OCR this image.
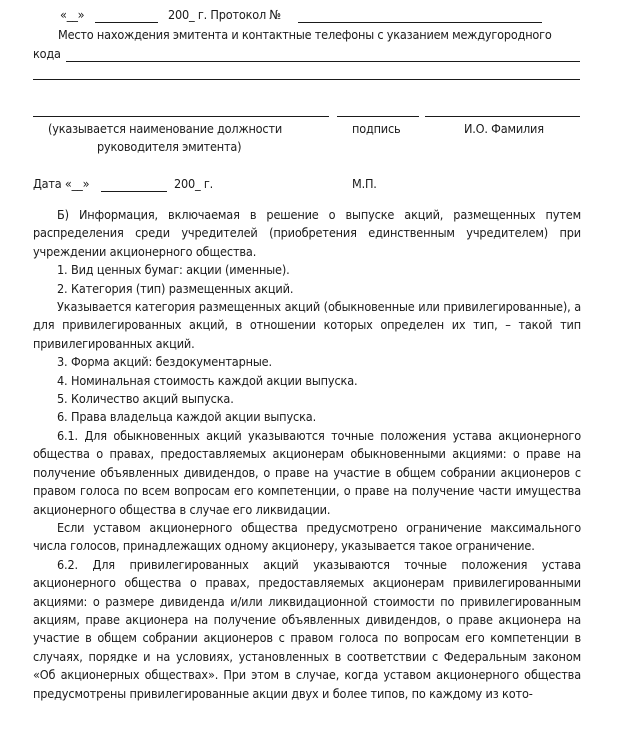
«__»	200_ г. Протокол №
Место нахождения эмитента и контактные телефоны с указанием междугородного
кода
(указывается наименование должности
руководителя эмитента)
подпись	И.О. Фамилия
Дата «__»	200_ г.	М.П.

Б) Информация, включаемая в решение о выпуске акций, размещенных путем распределения среди учредителей (приобретения единственным учредителем) при учреждении акционерного общества.

1. Вид ценных бумаг: акции (именные).

2. Категория (тип) размещенных акций.

Указывается категория размещенных акций (обыкновенные или привилегированные), а для привилегированных акций, в отношении которых определен их тип, – такой тип привилегированных акций.

3. Форма акций: бездокументарные.

4. Номинальная стоимость каждой акции выпуска.

5. Количество акций выпуска.

6. Права владельца каждой акции выпуска.

6.1. Для обыкновенных акций указываются точные положения устава акционерного общества о правах, предоставляемых акционерам обыкновенными акциями: о праве на получение объявленных дивидендов, о праве на участие в общем собрании акционеров с правом голоса по всем вопросам его компетенции, о праве на получение части имущества акционерного общества в случае его ликвидации.

Если уставом акционерного общества предусмотрено ограничение максимального числа голосов, принадлежащих одному акционеру, указывается такое ограничение.

6.2. Для привилегированных акций указываются точные положения устава акционерного общества о правах, предоставляемых акционерам привилегированными акциями: о размере дивиденда и/или ликвидационной стоимости по привилегированным акциям, праве акционера на получение объявленных дивидендов, о праве акционера на участие в общем собрании акционеров с правом голоса по вопросам его компетенции в случаях, порядке и на условиях, установленных в соответствии с Федеральным законом «Об акционерных обществах». При этом в случае, когда уставом акционерного общества предусмотрены привилегированные акции двух и более типов, по каждому из кото-
